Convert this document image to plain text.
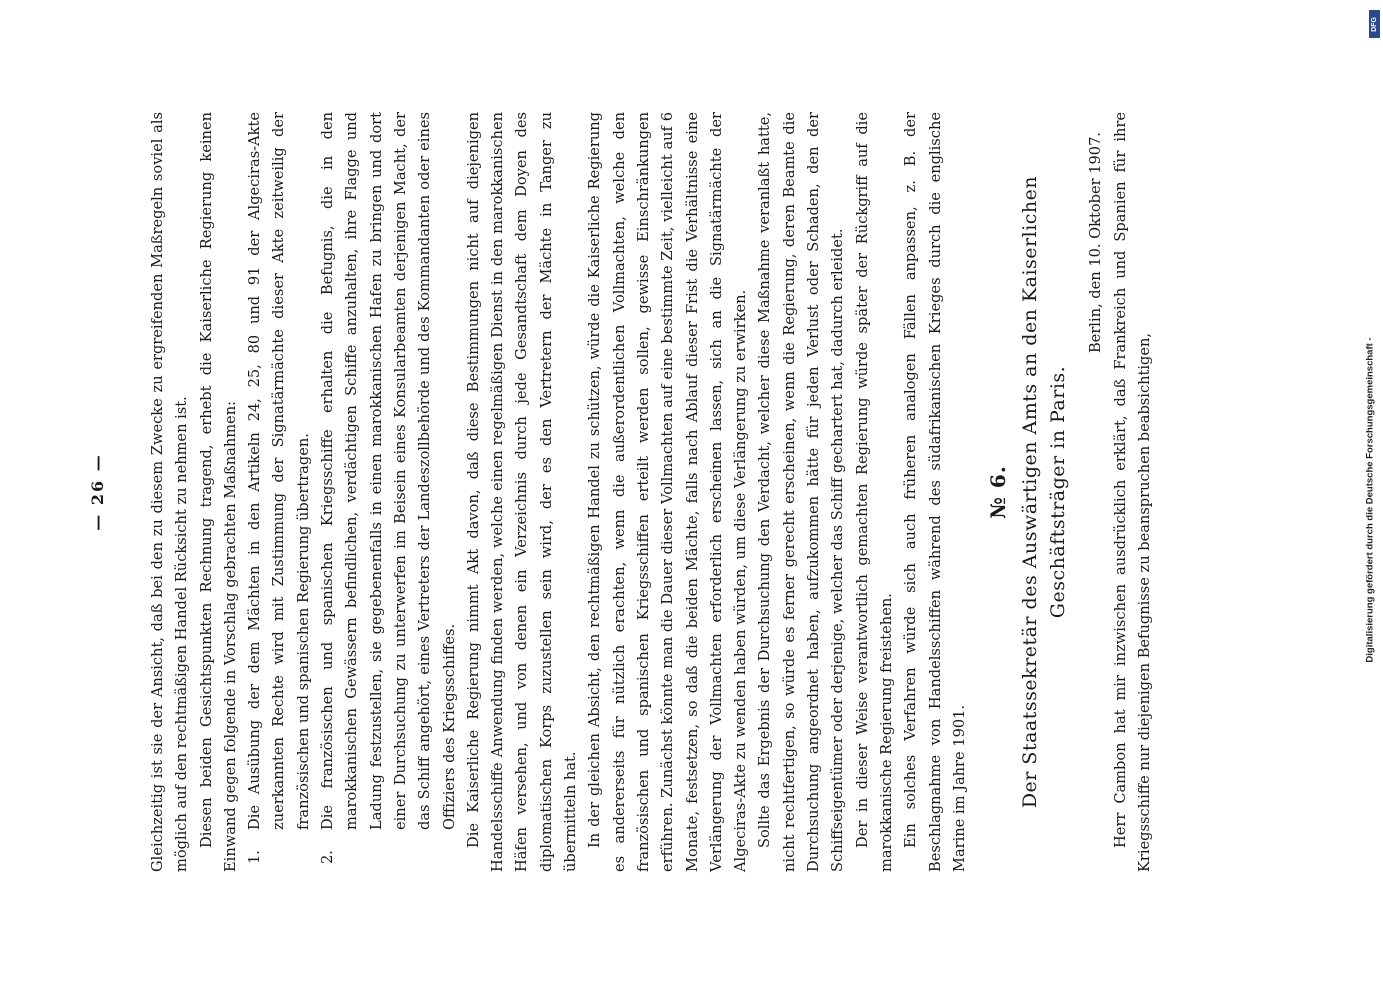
— 26 —	Gleichzeitig ist sie der Ansicht, daß bei den zu diesem Zwecke zu ergreifenden Maßregeln soviel als möglich auf den rechtmäßigen Handel Rücksicht zu nehmen ist. Diesen beiden Gesichtspunkten Rechnung tragend, erhebt die Kaiserliche Regierung keinen Einwand gegen folgende in Vorschlag gebrachten Maßnahmen: 1.
Die Ausübung der dem Mächten in den Artikeln 24, 25, 80 und 91 der Algeciras-Akte zuerkannten Rechte wird mit Zustimmung der Signatärmächte dieser Akte zeitweilig der französischen und spanischen Regierung übertragen.
2.
Die französischen und spanischen Kriegsschiffe erhalten die Befugnis, die in den marokkanischen Gewässern befindlichen, verdächtigen Schiffe anzuhalten, ihre Flagge und Ladung festzustellen, sie gegebenenfalls in einen marokkanischen Hafen zu bringen und dort einer Durchsuchung zu unterwerfen im Beisein eines Konsularbeamten derjenigen Macht, der das Schiff angehört, eines Vertreters der Landeszollbehörde und des Kommandanten oder eines Offiziers des Kriegsschiffes. Die Kaiserliche Regierung nimmt Akt davon, daß diese Bestimmungen nicht auf diejenigen Handelsschiffe Anwendung finden werden, welche einen regelmäßigen Dienst in den marokkanischen Häfen versehen, und von denen ein Verzeichnis durch jede Gesandtschaft dem Doyen des diplomatischen Korps zuzustellen sein wird, der es den Vertretern der Mächte in Tanger zu übermitteln hat. In der gleichen Absicht, den rechtmäßigen Handel zu schützen, würde die Kaiserliche Regierung es andererseits für nützlich erachten, wenn die außerordentlichen Vollmachten, welche den französischen und spanischen Kriegsschiffen erteilt werden sollen, gewisse Einschränkungen erführen. Zunächst könnte man die Dauer dieser Vollmachten auf eine bestimmte Zeit, vielleicht auf 6 Monate, festsetzen, so daß die beiden Mächte, falls nach Ablauf dieser Frist die Verhältnisse eine Verlängerung der Vollmachten erforderlich erscheinen lassen, sich an die Signatärmächte der Algeciras-Akte zu wenden haben würden, um diese Verlängerung zu erwirken. Sollte das Ergebnis der Durchsuchung den Verdacht, welcher diese Maßnahme veranlaßt hatte, nicht rechtfertigen, so würde es ferner gerecht erscheinen, wenn die Regierung, deren Beamte die Durchsuchung angeordnet haben, aufzukommen hätte für jeden Verlust oder Schaden, den der Schiffseigentümer oder derjenige, welcher das Schiff gechartert hat, dadurch erleidet. Der in dieser Weise verantwortlich gemachten Regierung würde später der Rückgriff auf die marokkanische Regierung freistehen. Ein solches Verfahren würde sich auch früheren analogen Fällen anpassen, z. B. der Beschlagnahme von Handelsschiffen während des südafrikanischen Krieges durch die englische Marine im Jahre 1901.

№ 6. Der Staatssekretär des Auswärtigen Amts an den Kaiserlichen Geschäftsträger in Paris.

Berlin, den 10. Oktober 1907. Herr Cambon hat mir inzwischen ausdrücklich erklärt, daß Frankreich und Spanien für ihre Kriegsschiffe nur diejenigen Befugnisse zu beanspruchen beabsichtigen,

DFG
Digitalisierung gefördert durch die Deutsche Forschungsgemeinschaft -
